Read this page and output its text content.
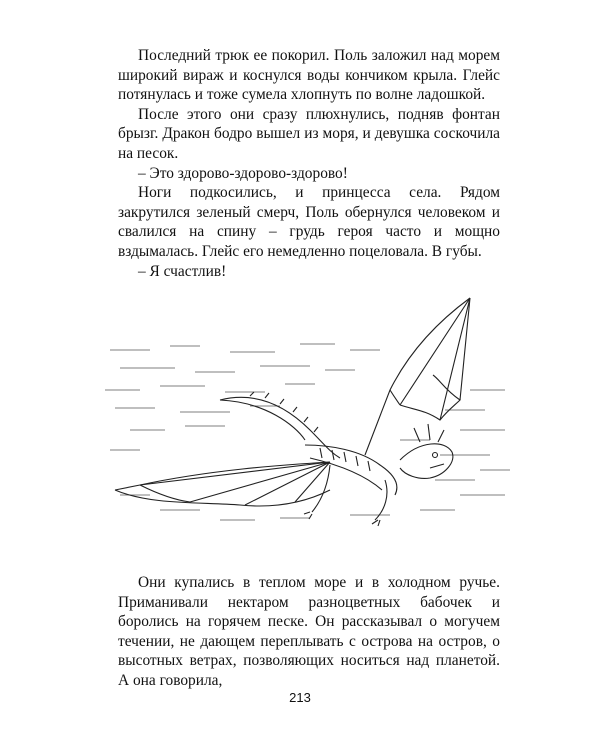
Последний трюк ее покорил. Поль заложил над морем широкий вираж и коснулся воды кончиком крыла. Глейс потянулась и тоже сумела хлопнуть по волне ладошкой.

После этого они сразу плюхнулись, подняв фонтан брызг. Дракон бодро вышел из моря, и девушка соскочила на песок.

– Это здорово-здорово-здорово!

Ноги подкосились, и принцесса села. Рядом закрутился зеленый смерч, Поль обернулся человеком и свалился на спину – грудь героя часто и мощно вздымалась. Глейс его немедленно поцеловала. В губы.

– Я счастлив!

Они купались в теплом море и в холодном ручье. Приманивали нектаром разноцветных бабочек и боролись на горячем песке. Он рассказывал о могучем течении, не дающем переплывать с острова на остров, о высотных ветрах, позволяющих носиться над планетой. А она говорила,

213
